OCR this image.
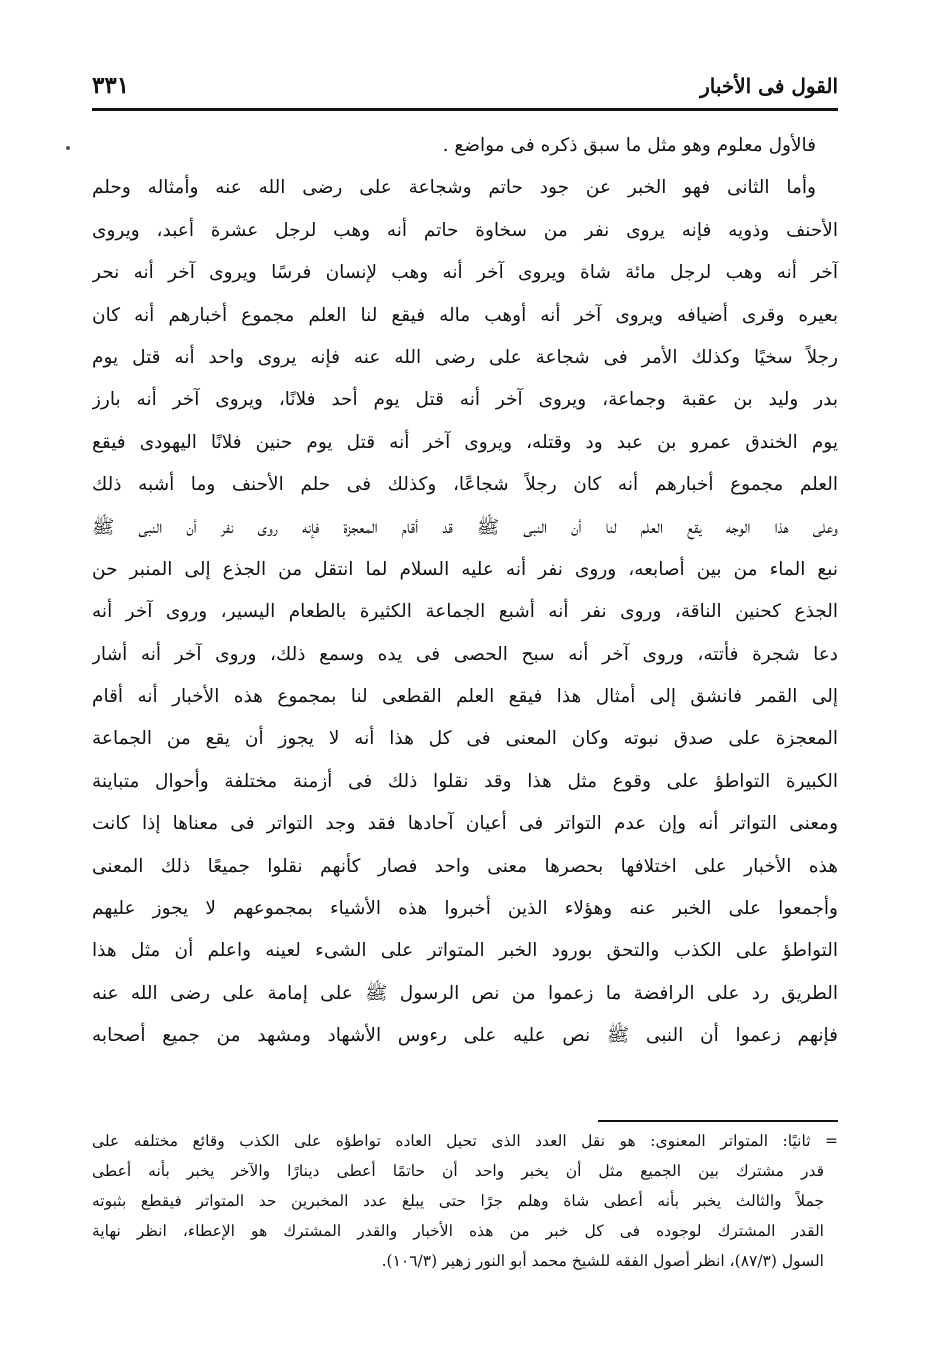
القول فى الأخبار
٣٣١
فالأول معلوم وهو مثل ما سبق ذكره فى مواضع .
وأما الثانى فهو الخبر عن جود حاتم وشجاعة على رضى الله عنه وأمثاله وحلم
الأحنف وذويه فإنه يروى نفر من سخاوة حاتم أنه وهب لرجل عشرة أعبد، ويروى
آخر أنه وهب لرجل مائة شاة ويروى آخر أنه وهب لإنسان فرسًا ويروى آخر أنه نحر
بعيره وقرى أضيافه ويروى آخر أنه أوهب ماله فيقع لنا العلم مجموع أخبارهم أنه كان
رجلاً سخيًا وكذلك الأمر فى شجاعة على رضى الله عنه فإنه يروى واحد أنه قتل يوم
بدر وليد بن عقبة وجماعة، ويروى آخر أنه قتل يوم أحد فلانًا، ويروى آخر أنه بارز
يوم الخندق عمرو بن عبد ود وقتله، ويروى آخر أنه قتل يوم حنين فلانًا اليهودى فيقع
العلم مجموع أخبارهم أنه كان رجلاً شجاعًا، وكذلك فى حلم الأحنف وما أشبه ذلك
وعلى هذا الوجه يقع العلم لنا أن النبى ﷺ قد أقام المعجزة فإنه روى نفر أن النبى ﷺ
نبع الماء من بين أصابعه، وروى نفر أنه عليه السلام لما انتقل من الجذع إلى المنبر حن
الجذع كحنين الناقة، وروى نفر أنه أشبع الجماعة الكثيرة بالطعام اليسير، وروى آخر أنه
دعا شجرة فأتته، وروى آخر أنه سبح الحصى فى يده وسمع ذلك، وروى آخر أنه أشار
إلى القمر فانشق إلى أمثال هذا فيقع العلم القطعى لنا بمجموع هذه الأخبار أنه أقام
المعجزة على صدق نبوته وكان المعنى فى كل هذا أنه لا يجوز أن يقع من الجماعة
الكبيرة التواطؤ على وقوع مثل هذا وقد نقلوا ذلك فى أزمنة مختلفة وأحوال متباينة
ومعنى التواتر أنه وإن عدم التواتر فى أعيان آحادها فقد وجد التواتر فى معناها إذا كانت
هذه الأخبار على اختلافها بحصرها معنى واحد فصار كأنهم نقلوا جميعًا ذلك المعنى
وأجمعوا على الخبر عنه وهؤلاء الذين أخبروا هذه الأشياء بمجموعهم لا يجوز عليهم
التواطؤ على الكذب والتحق بورود الخبر المتواتر على الشىء لعينه واعلم أن مثل هذا
الطريق رد على الرافضة ما زعموا من نص الرسول ﷺ على إمامة على رضى الله عنه
فإنهم زعموا أن النبى ﷺ نص عليه على رءوس الأشهاد ومشهد من جميع أصحابه
= ثانيًا: المتواتر المعنوى: هو نقل العدد الذى تحيل العاده تواطؤه على الكذب وقائع مختلفه على
قدر مشترك بين الجميع مثل أن يخبر واحد أن حاتمًا أعطى دينارًا والآخر يخبر بأنه أعطى
جملاً والثالث يخبر بأنه أعطى شاة وهلم جرًا حتى يبلغ عدد المخبرين حد المتواتر فيقطع بثبوته
القدر المشترك لوجوده فى كل خبر من هذه الأخبار والقدر المشترك هو الإعطاء، انظر نهاية
السول (٨٧/٣)، انظر أصول الفقه للشيخ محمد أبو النور زهير (١٠٦/٣).
